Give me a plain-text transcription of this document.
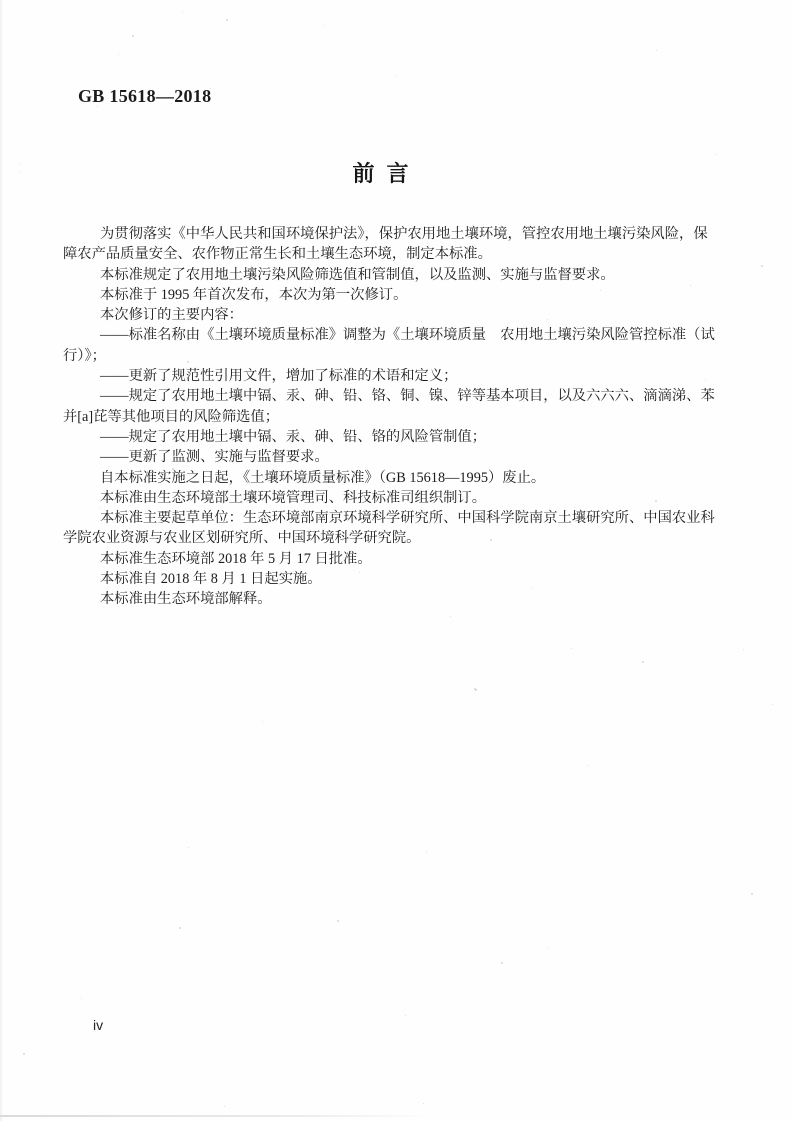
GB 15618—2018
前 言
为贯彻落实《中华人民共和国环境保护法》，保护农用地土壤环境，管控农用地土壤污染风险，保
障农产品质量安全、农作物正常生长和土壤生态环境，制定本标准。
本标准规定了农用地土壤污染风险筛选值和管制值，以及监测、实施与监督要求。
本标准于 1995 年首次发布，本次为第一次修订。
本次修订的主要内容：
——标准名称由《土壤环境质量标准》调整为《土壤环境质量　农用地土壤污染风险管控标准（试
行）》；
——更新了规范性引用文件，增加了标准的术语和定义；
——规定了农用地土壤中镉、汞、砷、铅、铬、铜、镍、锌等基本项目，以及六六六、滴滴涕、苯
并[a]芘等其他项目的风险筛选值；
——规定了农用地土壤中镉、汞、砷、铅、铬的风险管制值；
——更新了监测、实施与监督要求。
自本标准实施之日起，《土壤环境质量标准》（GB 15618—1995）废止。
本标准由生态环境部土壤环境管理司、科技标准司组织制订。
本标准主要起草单位：生态环境部南京环境科学研究所、中国科学院南京土壤研究所、中国农业科
学院农业资源与农业区划研究所、中国环境科学研究院。
本标准生态环境部 2018 年 5 月 17 日批准。
本标准自 2018 年 8 月 1 日起实施。
本标准由生态环境部解释。
iv
